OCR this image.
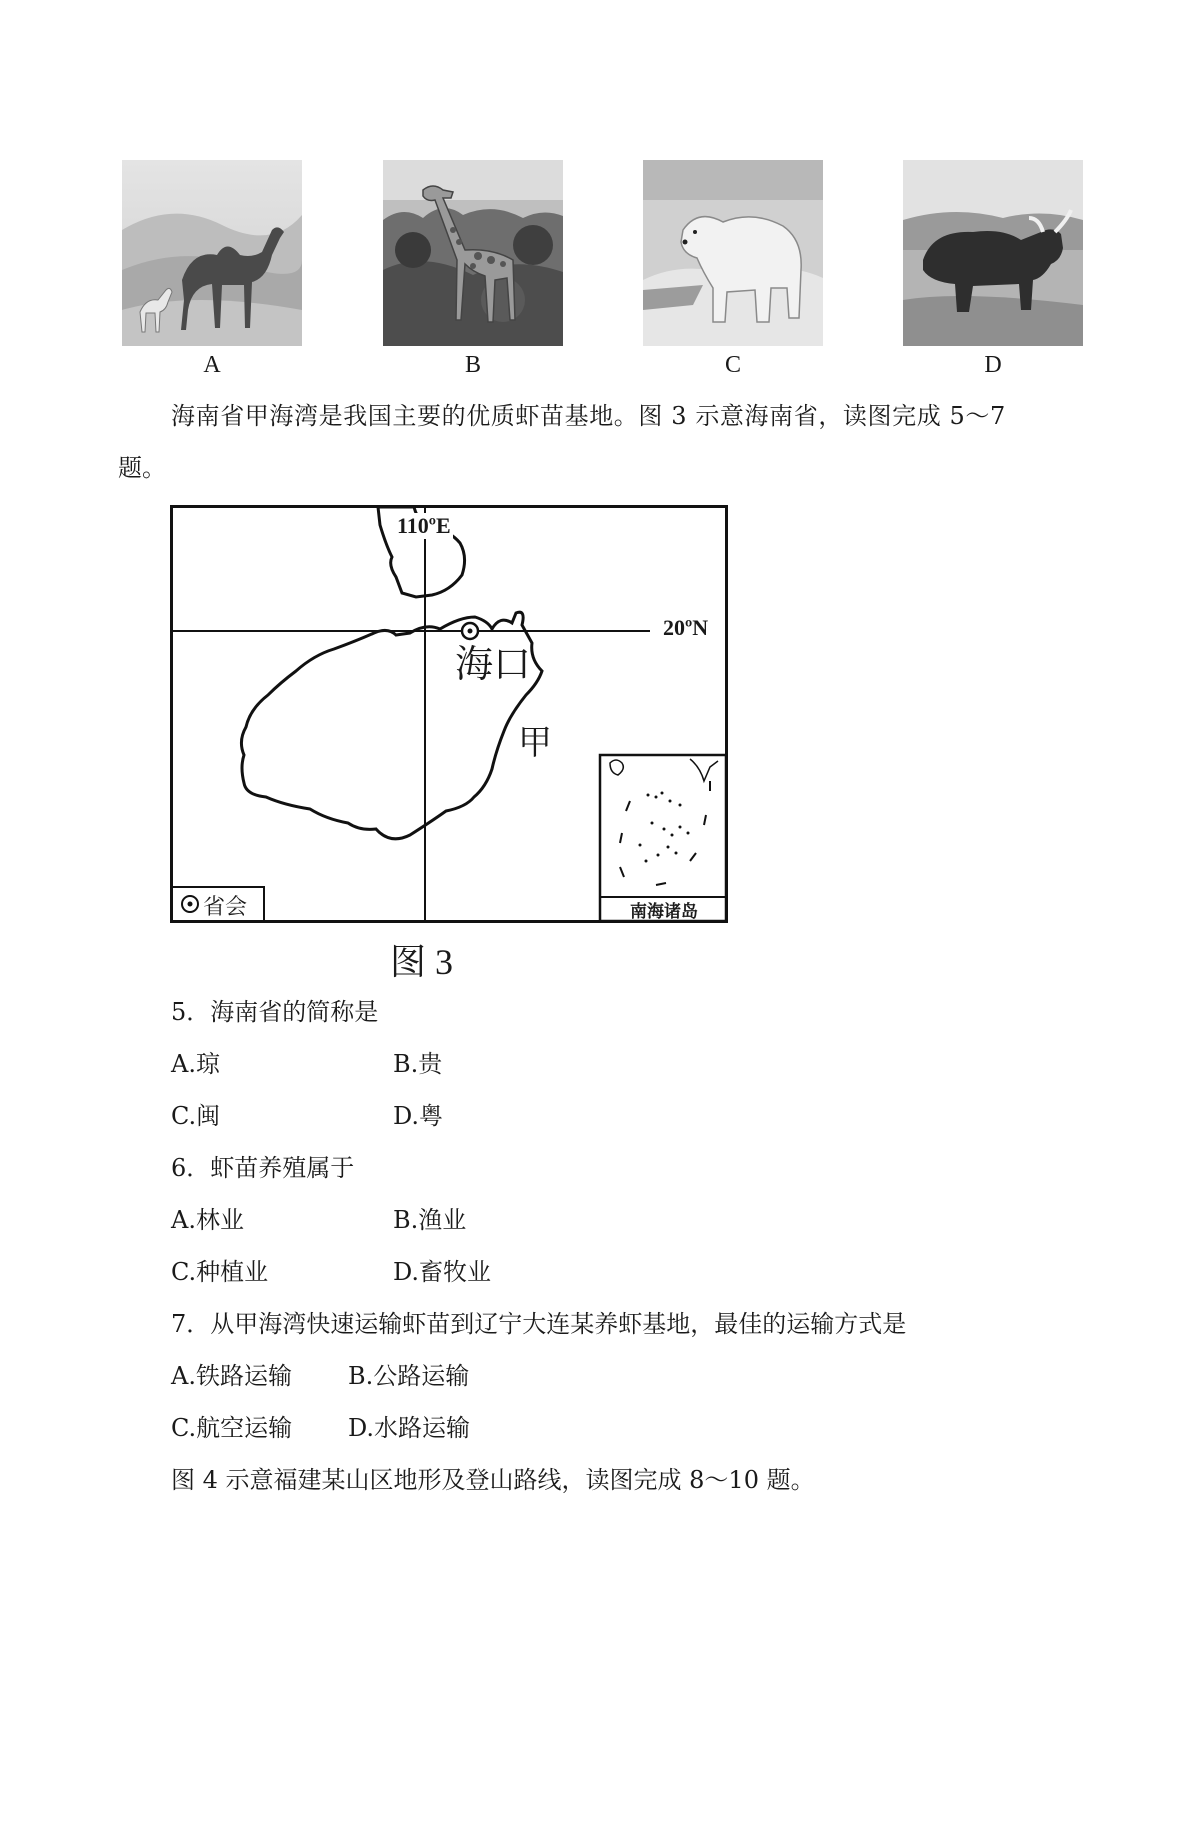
A	B	C	D
海南省甲海湾是我国主要的优质虾苗基地。图 3 示意海南省，读图完成 5～7
题。
110ºE
20ºN
海口
甲
省会	南海诸岛
图 3
5．海南省的简称是
A.琼	B.贵
C.闽	D.粤
6．虾苗养殖属于
A.林业	B.渔业
C.种植业	D.畜牧业
7．从甲海湾快速运输虾苗到辽宁大连某养虾基地，最佳的运输方式是
A.铁路运输 B.公路运输
C.航空运输 D.水路运输
图 4 示意福建某山区地形及登山路线，读图完成 8～10 题。
